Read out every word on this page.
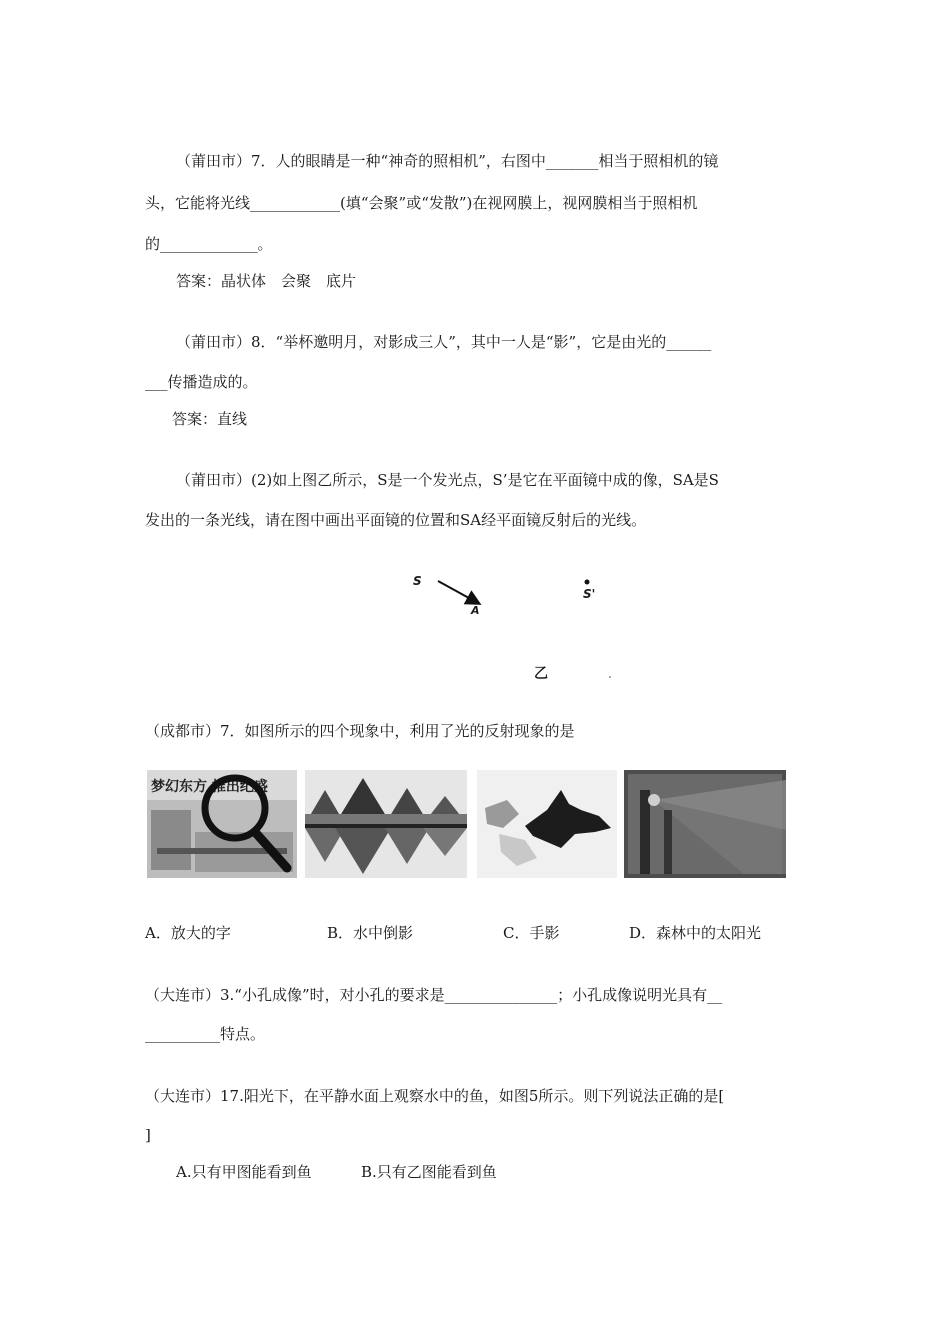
（莆田市）7．人的眼睛是一种“神奇的照相机”，右图中_______相当于照相机的镜
头，它能将光线____________(填“会聚”或“发散”)在视网膜上，视网膜相当于照相机
的_____________。
答案：晶状体　会聚　底片
（莆田市）8．“举杯邀明月，对影成三人”，其中一人是“影”，它是由光的______
___传播造成的。
答案：直线
（莆田市）(2)如上图乙所示，S是一个发光点，S’是它在平面镜中成的像，SA是S
发出的一条光线，请在图中画出平面镜的位置和SA经平面镜反射后的光线。
S
A
S'
乙
（成都市）7．如图所示的四个现象中，利用了光的反射现象的是
梦幻东方 推出纪盛
A．放大的字	B．水中倒影	C．手影	D．森林中的太阳光
（大连市）3.“小孔成像”时，对小孔的要求是_______________；小孔成像说明光具有__
__________特点。
（大连市）17.阳光下，在平静水面上观察水中的鱼，如图5所示。则下列说法正确的是[
]
A.只有甲图能看到鱼	B.只有乙图能看到鱼
